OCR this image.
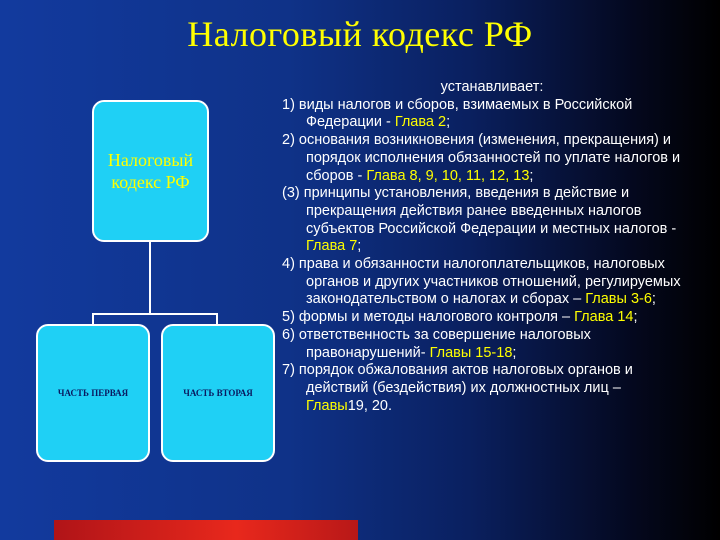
Налоговый кодекс РФ
Налоговый кодекс РФ
ЧАСТЬ ПЕРВАЯ	ЧАСТЬ ВТОРАЯ
устанавливает:
1) виды налогов и сборов, взимаемых в Российской Федерации - Глава 2;
2) основания возникновения (изменения, прекращения) и порядок исполнения обязанностей по уплате налогов и сборов - Глава 8, 9, 10, 11, 12, 13;
(3) принципы установления, введения в действие и прекращения действия ранее введенных налогов субъектов Российской Федерации и местных налогов - Глава 7;
4) права и обязанности налогоплательщиков, налоговых органов и других участников отношений, регулируемых законодательством о налогах и сборах – Главы 3-6;
5) формы и методы налогового контроля – Глава 14;
6) ответственность за совершение налоговых правонарушений- Главы 15-18;
7) порядок обжалования актов налоговых органов и действий (бездействия) их должностных лиц – Главы19, 20.
